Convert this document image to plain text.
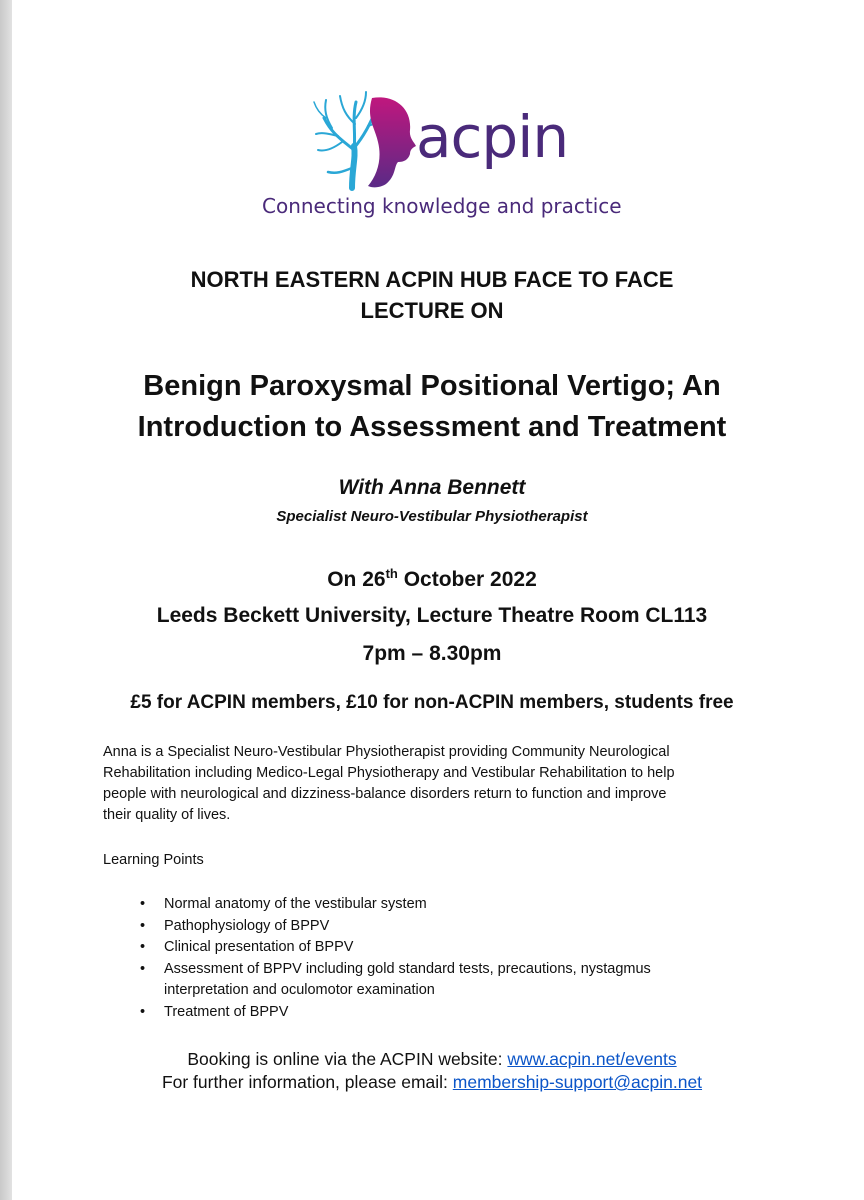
acpin
Connecting knowledge and practice
NORTH EASTERN ACPIN HUB FACE TO FACE
LECTURE ON
Benign Paroxysmal Positional Vertigo; An
Introduction to Assessment and Treatment
With Anna Bennett
Specialist Neuro-Vestibular Physiotherapist
On 26th October 2022
Leeds Beckett University, Lecture Theatre Room CL113
7pm – 8.30pm
£5 for ACPIN members, £10 for non-ACPIN members, students free
Anna is a Specialist Neuro-Vestibular Physiotherapist providing Community Neurological
Rehabilitation including Medico-Legal Physiotherapy and Vestibular Rehabilitation to help
people with neurological and dizziness-balance disorders return to function and improve
their quality of lives.
Learning Points
• Normal anatomy of the vestibular system
• Pathophysiology of BPPV
• Clinical presentation of BPPV
• Assessment of BPPV including gold standard tests, precautions, nystagmus
interpretation and oculomotor examination
• Treatment of BPPV
Booking is online via the ACPIN website: www.acpin.net/events
For further information, please email: membership-support@acpin.net
